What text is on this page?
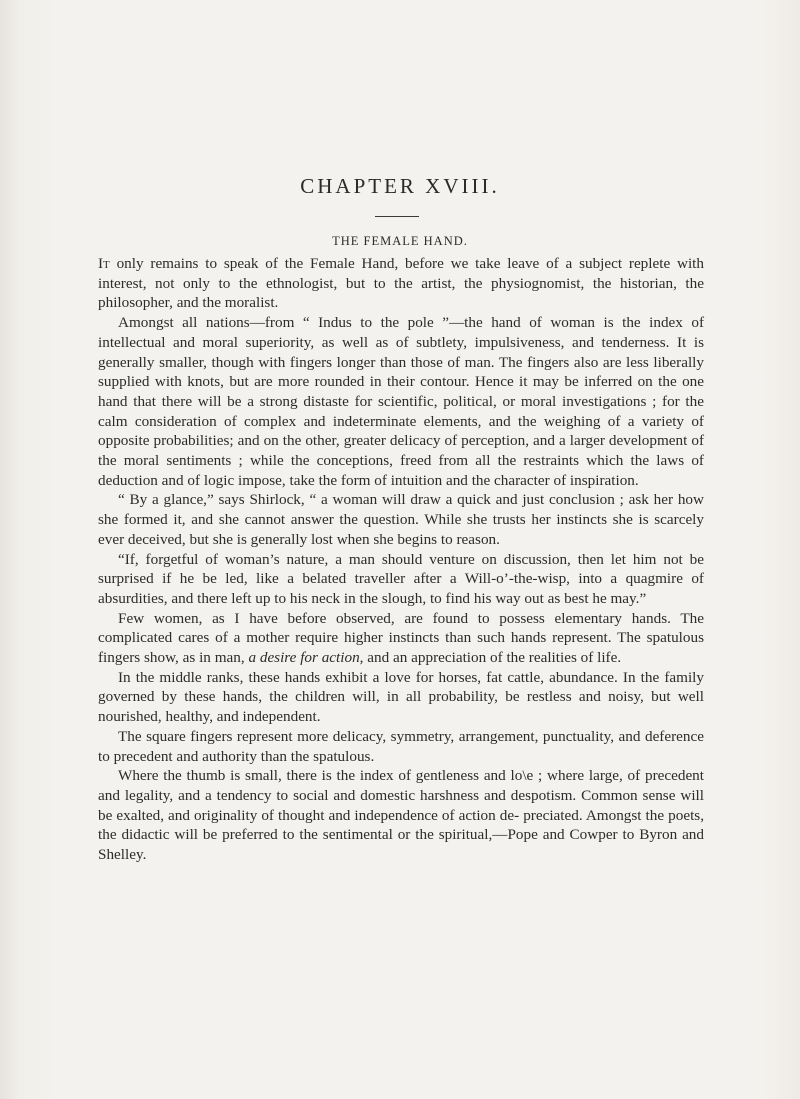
CHAPTER XVIII.
THE FEMALE HAND.

It only remains to speak of the Female Hand, before we take leave of a subject replete with interest, not only to the ethnologist, but to the artist, the physiognomist, the historian, the philosopher, and the moralist.

Amongst all nations—from “ Indus to the pole ”—the hand of woman is the index of intellectual and moral superiority, as well as of subtlety, impulsiveness, and tenderness. It is generally smaller, though with fingers longer than those of man. The fingers also are less liberally supplied with knots, but are more rounded in their contour. Hence it may be inferred on the one hand that there will be a strong distaste for scientific, political, or moral investigations ; for the calm consideration of complex and indeterminate elements, and the weighing of a variety of opposite probabilities; and on the other, greater delicacy of perception, and a larger development of the moral sentiments ; while the conceptions, freed from all the restraints which the laws of deduction and of logic impose, take the form of intuition and the character of inspiration.

“ By a glance,” says Shirlock, “ a woman will draw a quick and just conclusion ; ask her how she formed it, and she cannot answer the question. While she trusts her instincts she is scarcely ever deceived, but she is generally lost when she begins to reason.

“If, forgetful of woman’s nature, a man should venture on discussion, then let him not be surprised if he be led, like a belated traveller after a Will-o’-the-wisp, into a quagmire of absurdities, and there left up to his neck in the slough, to find his way out as best he may.”

Few women, as I have before observed, are found to possess elementary hands. The complicated cares of a mother require higher instincts than such hands represent. The spatulous fingers show, as in man, a desire for action, and an appreciation of the realities of life.

In the middle ranks, these hands exhibit a love for horses, fat cattle, abundance. In the family governed by these hands, the children will, in all probability, be restless and noisy, but well nourished, healthy, and independent.

The square fingers represent more delicacy, symmetry, arrangement, punctuality, and deference to precedent and authority than the spatulous.

Where the thumb is small, there is the index of gentleness and lo\e ; where large, of precedent and legality, and a tendency to social and domestic harshness and despotism. Common sense will be exalted, and originality of thought and independence of action de- preciated. Amongst the poets, the didactic will be preferred to the sentimental or the spiritual,—Pope and Cowper to Byron and Shelley.
